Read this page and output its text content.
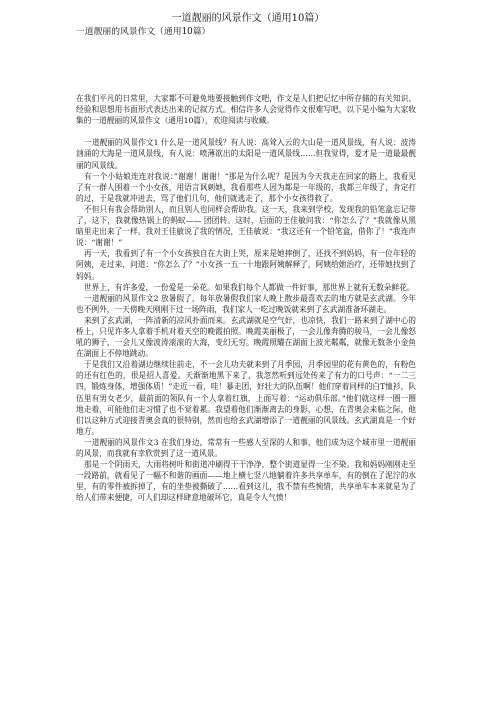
一道靓丽的风景作文（通用10篇）
一道靓丽的风景作文（通用10篇）

在我们平凡的日常里，大家都不可避免地要接触到作文吧，作文是人们把记忆中所存储的有关知识、经验和思想用书面形式表达出来的记叙方式。相信许多人会觉得作文很难写吧，以下是小编为大家收集的一道靓丽的风景作文（通用10篇），欢迎阅读与收藏。

一道靓丽的风景作文1 什么是一道风景线？有人说：高耸入云的大山是一道风景线，有人说：波涛汹涌的大海是一道风景线，有人说：喷薄欲出的太阳是一道风景线……但我觉得，爱才是一道最最靓丽的风景线。

有一个小姑娘连连对我说：”谢谢！谢谢！”那是为什么呢？是因为今天我走在回家的路上，我看见了有一群人围着一个小女孩，用语言讽刺她，我看那些人因为都是一年级的，我都三年级了，肯定打的过，于是我就冲进去，骂了他们几句，他们就逃走了，那个小女孩得救了。

不但只有我会帮助别人，而且别人也同样会帮助我。这一天，我来到学校，发现我的铅笔盒忘记带了，这下，我就像热锅上的蚂蚁—— 团团转。这时，后面的王佳敏问我：“你怎么了？”我就像从黑暗里走出来了一样。我对王佳敏说了我的情况，王佳敏说：“我这还有一个铅笔盒，借你了！”我连声说：“谢谢！”

再一天，我看到了有一个小女孩独自在大街上哭，原来是她摔倒了，还找不到妈妈，有一位年轻的阿姨，走过来，问道：“你怎么了？”小女孩一五一十地跟阿姨解释了，阿姨给她治疗，还带她找到了妈妈。

世界上，有许多爱，一份爱是一朵花。如果我们每个人都做一件好事，那世界上就有无数朵鲜花。

一道靓丽的风景作文2 放暑假了，每年放暑假我们家人晚上散步最喜欢去的地方就是玄武湖。今年也不例外，一天傍晚天刚刚下过一场阵雨，我们家人一吃过晚饭就来到了玄武湖准备环湖走。

来到了玄武湖，一阵清新的凉风扑面而来。玄武湖就是空气好，也凉快，我们一路来到了湖中心的桥上，只见许多人拿着手机对着天空的晚霞拍照。晚霞美丽极了，一会儿像奔腾的骏马，一会儿像怒吼的狮子，一会儿又像波涛滚滚的大海，变幻无穷。晚霞照耀在湖面上波光粼粼，就像无数条小金鱼在湖面上不停地跳动。

于是我们又沿着湖边继续往前走，不一会儿功夫就来到了月季园，月季园里的花有黄色的，有粉色的还有红色的，很是招人喜爱。天渐渐地黑下来了，我忽然听到远处传来了有力的口号声：“一二三四，锻炼身体，增强体质！”走近一看，哇！暴走团，好壮大的队伍啊！他们穿着同样的白T恤衫，队伍里有男女老少，最前面的领队有一个人拿着红旗，上面写着：“运动俱乐部。”他们就这样一圈一圈地走着，可能他们走习惯了也不觉着累。我望着他们渐渐离去的身影，心想，在青奥会来临之际，他们以这种方式迎接青奥会真的很特别，然而也给玄武湖增添了一道靓丽的风景线。玄武湖真是一个好地方。

一道靓丽的风景作文3 在我们身边，常常有一些感人至深的人和事，他们成为这个城市里一道靓丽的风景，而我就有幸欣赏到了这一道风景。

那是一个阴雨天，大雨将树叶和街道冲刷得干干净净，整个街道显得一尘不染。我和妈妈刚刚走至一段路前，就看见了一幅不和谐的画面——地上横七竖八地躺着许多共享单车，有的倒在了泥泞的水里，有的零件被拆掉了，有的坐垫被撕破了……看到这儿，我不禁有些惋惜，共享单车本来就是为了给人们带来便捷，可人们却这样肆意地破坏它，真是令人气愤！
